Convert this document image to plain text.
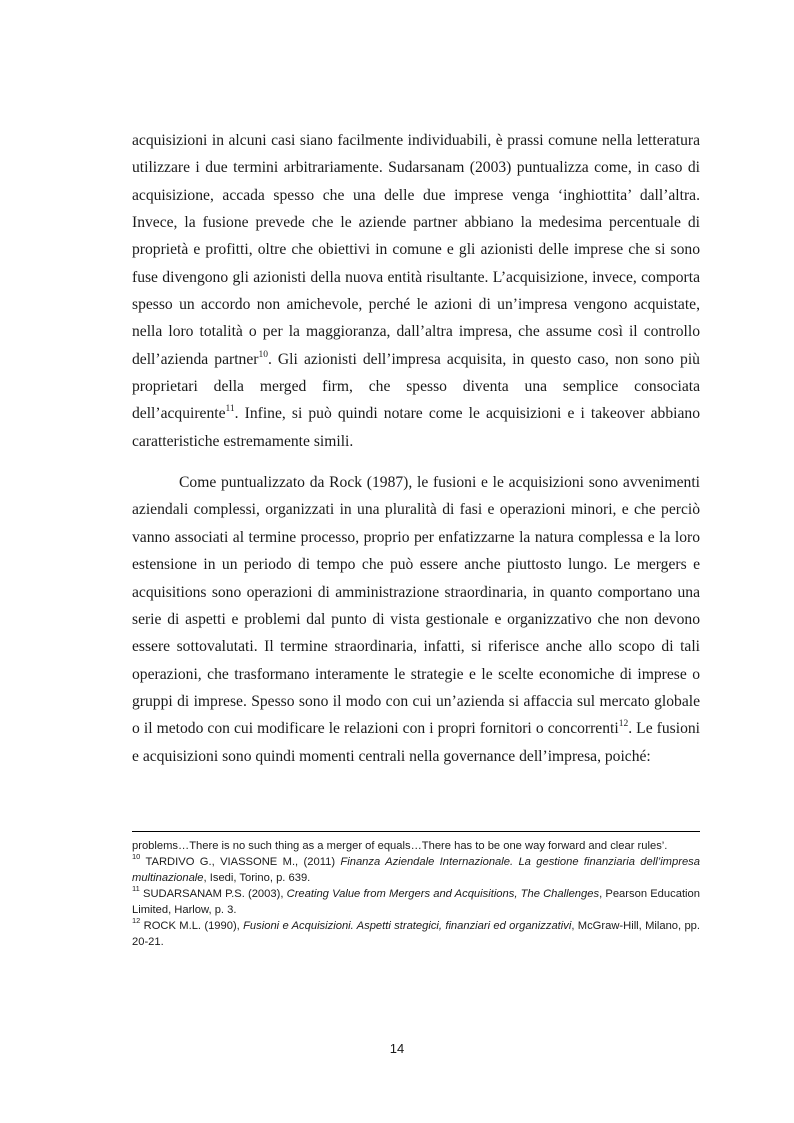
acquisizioni in alcuni casi siano facilmente individuabili, è prassi comune nella letteratura utilizzare i due termini arbitrariamente. Sudarsanam (2003) puntualizza come, in caso di acquisizione, accada spesso che una delle due imprese venga ‘inghiottita’ dall’altra. Invece, la fusione prevede che le aziende partner abbiano la medesima percentuale di proprietà e profitti, oltre che obiettivi in comune e gli azionisti delle imprese che si sono fuse divengono gli azionisti della nuova entità risultante. L’acquisizione, invece, comporta spesso un accordo non amichevole, perché le azioni di un’impresa vengono acquistate, nella loro totalità o per la maggioranza, dall’altra impresa, che assume così il controllo dell’azienda partner$^{10}$. Gli azionisti dell’impresa acquisita, in questo caso, non sono più proprietari della merged firm, che spesso diventa una semplice consociata dell’acquirente$^{11}$. Infine, si può quindi notare come le acquisizioni e i takeover abbiano caratteristiche estremamente simili.

Come puntualizzato da Rock (1987), le fusioni e le acquisizioni sono avvenimenti aziendali complessi, organizzati in una pluralità di fasi e operazioni minori, e che perciò vanno associati al termine processo, proprio per enfatizzarne la natura complessa e la loro estensione in un periodo di tempo che può essere anche piuttosto lungo. Le mergers e acquisitions sono operazioni di amministrazione straordinaria, in quanto comportano una serie di aspetti e problemi dal punto di vista gestionale e organizzativo che non devono essere sottovalutati. Il termine straordinaria, infatti, si riferisce anche allo scopo di tali operazioni, che trasformano interamente le strategie e le scelte economiche di imprese o gruppi di imprese. Spesso sono il modo con cui un’azienda si affaccia sul mercato globale o il metodo con cui modificare le relazioni con i propri fornitori o concorrenti$^{12}$. Le fusioni e acquisizioni sono quindi momenti centrali nella governance dell’impresa, poiché:

problems…There is no such thing as a merger of equals…There has to be one way forward and clear rules’.

$^{10}$ TARDIVO G., VIASSONE M., (2011) Finanza Aziendale Internazionale. La gestione finanziaria dell’impresa multinazionale, Isedi, Torino, p. 639.

$^{11}$ SUDARSANAM P.S. (2003), Creating Value from Mergers and Acquisitions, The Challenges, Pearson Education Limited, Harlow, p. 3.

$^{12}$ ROCK M.L. (1990), Fusioni e Acquisizioni. Aspetti strategici, finanziari ed organizzativi, McGraw-Hill, Milano, pp. 20-21.

14
